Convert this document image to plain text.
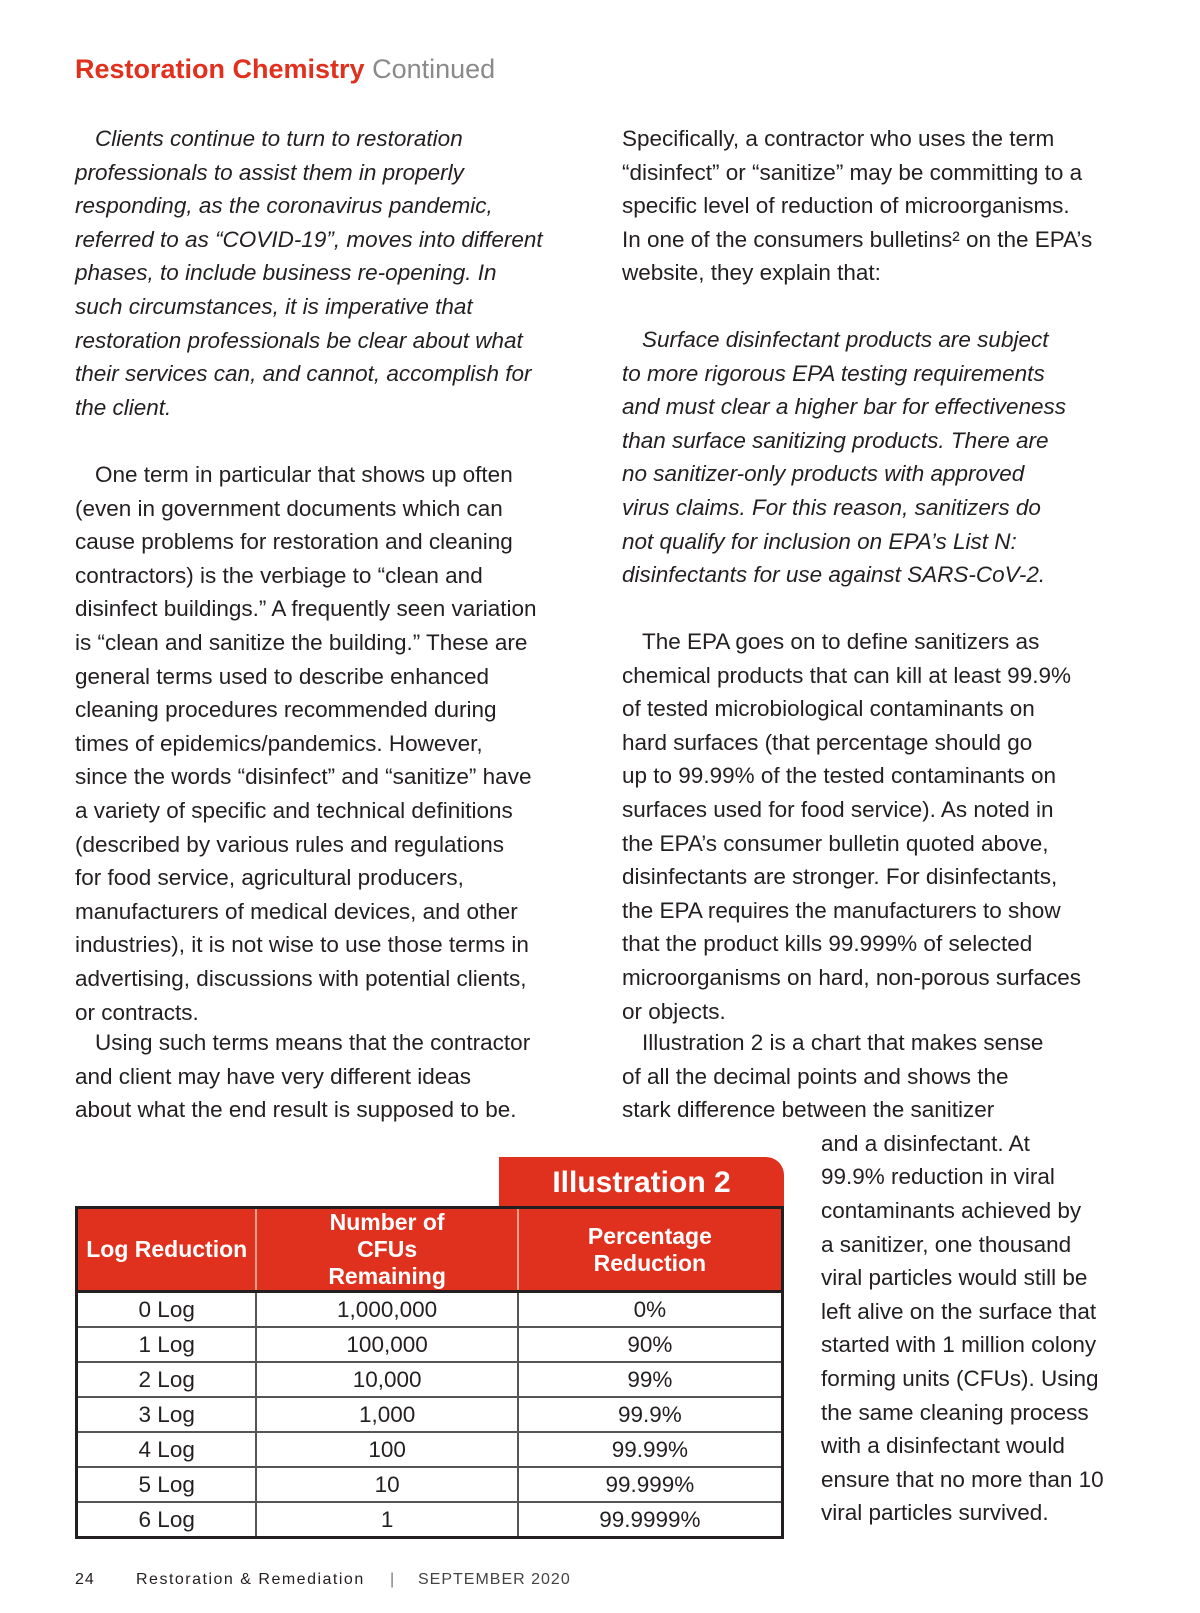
Restoration Chemistry Continued
Clients continue to turn to restoration
professionals to assist them in properly
responding, as the coronavirus pandemic,
referred to as “COVID-19”, moves into different
phases, to include business re-opening. In
such circumstances, it is imperative that
restoration professionals be clear about what
their services can, and cannot, accomplish for
the client.
One term in particular that shows up often
(even in government documents which can
cause problems for restoration and cleaning
contractors) is the verbiage to “clean and
disinfect buildings.” A frequently seen variation
is “clean and sanitize the building.” These are
general terms used to describe enhanced
cleaning procedures recommended during
times of epidemics/pandemics. However,
since the words “disinfect” and “sanitize” have
a variety of specific and technical definitions
(described by various rules and regulations
for food service, agricultural producers,
manufacturers of medical devices, and other
industries), it is not wise to use those terms in
advertising, discussions with potential clients,
or contracts.
Using such terms means that the contractor
and client may have very different ideas
about what the end result is supposed to be.
Specifically, a contractor who uses the term
“disinfect” or “sanitize” may be committing to a
specific level of reduction of microorganisms.
In one of the consumers bulletins² on the EPA’s
website, they explain that:
Surface disinfectant products are subject
to more rigorous EPA testing requirements
and must clear a higher bar for effectiveness
than surface sanitizing products. There are
no sanitizer-only products with approved
virus claims. For this reason, sanitizers do
not qualify for inclusion on EPA’s List N:
disinfectants for use against SARS-CoV-2.
The EPA goes on to define sanitizers as
chemical products that can kill at least 99.9%
of tested microbiological contaminants on
hard surfaces (that percentage should go
up to 99.99% of the tested contaminants on
surfaces used for food service). As noted in
the EPA’s consumer bulletin quoted above,
disinfectants are stronger. For disinfectants,
the EPA requires the manufacturers to show
that the product kills 99.999% of selected
microorganisms on hard, non-porous surfaces
or objects.
Illustration 2 is a chart that makes sense
of all the decimal points and shows the
stark difference between the sanitizer
and a disinfectant. At
99.9% reduction in viral
contaminants achieved by
a sanitizer, one thousand
viral particles would still be
left alive on the surface that
started with 1 million colony
forming units (CFUs). Using
the same cleaning process
with a disinfectant would
ensure that no more than 10
viral particles survived.
Illustration 2
Log Reduction	Number of CFUs Remaining	Percentage Reduction
0 Log	1,000,000	0%
1 Log	100,000	90%
2 Log	10,000	99%
3 Log	1,000	99.9%
4 Log	100	99.99%
5 Log	10	99.999%
6 Log	1	99.9999%
24	Restoration & Remediation | SEPTEMBER 2020
